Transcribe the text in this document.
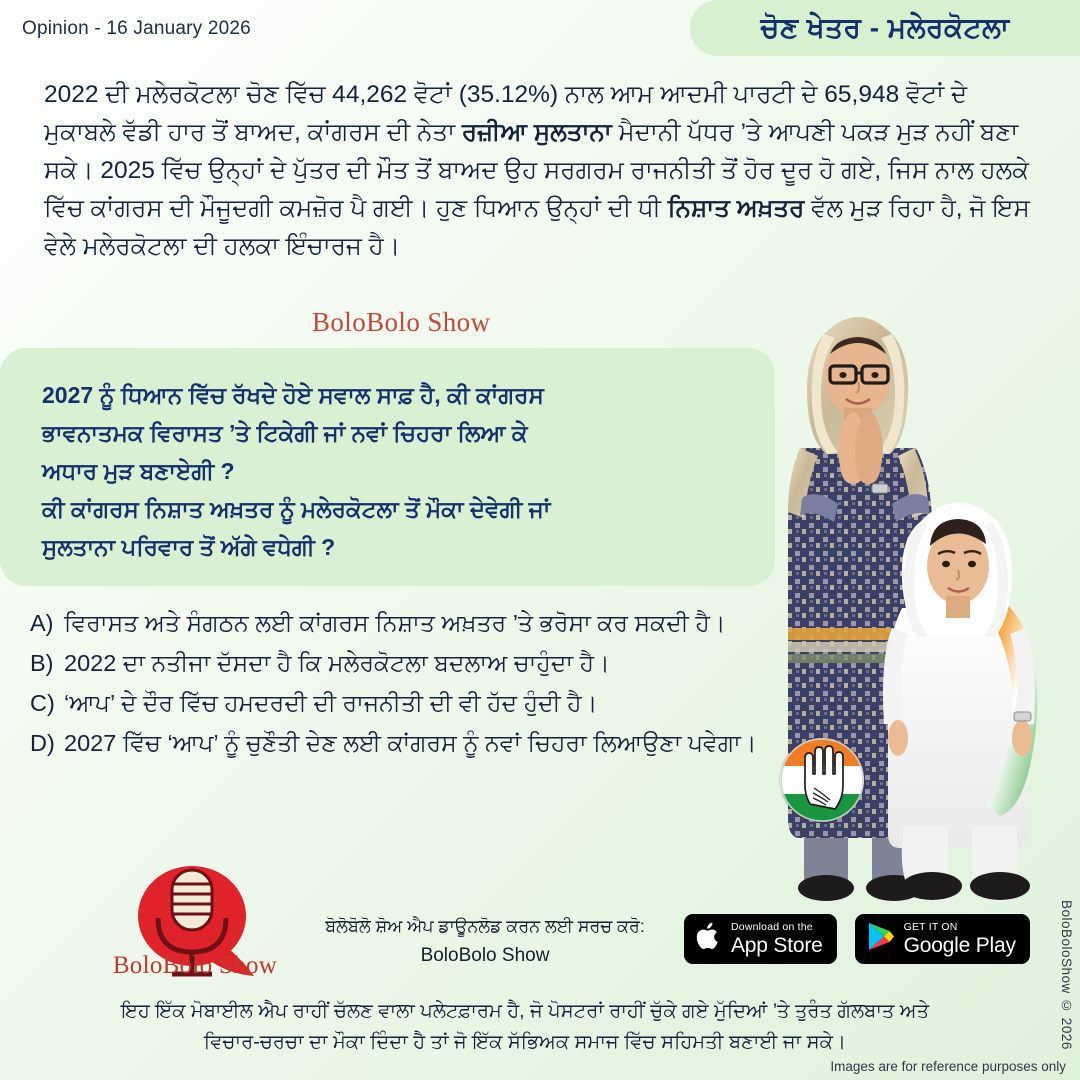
Opinion - 16 January 2026	ਚੋਣ ਖੇਤਰ - ਮਲੇਰਕੋਟਲਾ
2022 ਦੀ ਮਲੇਰਕੋਟਲਾ ਚੋਣ ਵਿੱਚ 44,262 ਵੋਟਾਂ (35.12%) ਨਾਲ ਆਮ ਆਦਮੀ ਪਾਰਟੀ ਦੇ 65,948 ਵੋਟਾਂ ਦੇ ਮੁਕਾਬਲੇ ਵੱਡੀ ਹਾਰ ਤੋਂ ਬਾਅਦ, ਕਾਂਗਰਸ ਦੀ ਨੇਤਾ ਰਜ਼ੀਆ ਸੁਲਤਾਨਾ ਮੈਦਾਨੀ ਪੱਧਰ ’ਤੇ ਆਪਣੀ ਪਕੜ ਮੁੜ ਨਹੀਂ ਬਣਾ ਸਕੇ। 2025 ਵਿੱਚ ਉਨ੍ਹਾਂ ਦੇ ਪੁੱਤਰ ਦੀ ਮੌਤ ਤੋਂ ਬਾਅਦ ਉਹ ਸਰਗਰਮ ਰਾਜਨੀਤੀ ਤੋਂ ਹੋਰ ਦੂਰ ਹੋ ਗਏ, ਜਿਸ ਨਾਲ ਹਲਕੇ ਵਿੱਚ ਕਾਂਗਰਸ ਦੀ ਮੌਜੂਦਗੀ ਕਮਜ਼ੋਰ ਪੈ ਗਈ। ਹੁਣ ਧਿਆਨ ਉਨ੍ਹਾਂ ਦੀ ਧੀ ਨਿਸ਼ਾਤ ਅਖ਼ਤਰ ਵੱਲ ਮੁੜ ਰਿਹਾ ਹੈ, ਜੋ ਇਸ ਵੇਲੇ ਮਲੇਰਕੋਟਲਾ ਦੀ ਹਲਕਾ ਇੰਚਾਰਜ ਹੈ।
BoloBolo Show

2027 ਨੂੰ ਧਿਆਨ ਵਿੱਚ ਰੱਖਦੇ ਹੋਏ ਸਵਾਲ ਸਾਫ਼ ਹੈ, ਕੀ ਕਾਂਗਰਸ

ਭਾਵਨਾਤਮਕ ਵਿਰਾਸਤ ’ਤੇ ਟਿਕੇਗੀ ਜਾਂ ਨਵਾਂ ਚਿਹਰਾ ਲਿਆ ਕੇ

ਅਧਾਰ ਮੁੜ ਬਣਾਏਗੀ ?

ਕੀ ਕਾਂਗਰਸ ਨਿਸ਼ਾਤ ਅਖ਼ਤਰ ਨੂੰ ਮਲੇਰਕੋਟਲਾ ਤੋਂ ਮੌਕਾ ਦੇਵੇਗੀ ਜਾਂ

ਸੁਲਤਾਨਾ ਪਰਿਵਾਰ ਤੋਂ ਅੱਗੇ ਵਧੇਗੀ ?

A) ਵਿਰਾਸਤ ਅਤੇ ਸੰਗਠਨ ਲਈ ਕਾਂਗਰਸ ਨਿਸ਼ਾਤ ਅਖ਼ਤਰ ’ਤੇ ਭਰੋਸਾ ਕਰ ਸਕਦੀ ਹੈ।
B) 2022 ਦਾ ਨਤੀਜਾ ਦੱਸਦਾ ਹੈ ਕਿ ਮਲੇਰਕੋਟਲਾ ਬਦਲਾਅ ਚਾਹੁੰਦਾ ਹੈ।
C) ‘ਆਪ’ ਦੇ ਦੌਰ ਵਿੱਚ ਹਮਦਰਦੀ ਦੀ ਰਾਜਨੀਤੀ ਦੀ ਵੀ ਹੱਦ ਹੁੰਦੀ ਹੈ।
D) 2027 ਵਿੱਚ ‘ਆਪ’ ਨੂੰ ਚੁਣੌਤੀ ਦੇਣ ਲਈ ਕਾਂਗਰਸ ਨੂੰ ਨਵਾਂ ਚਿਹਰਾ ਲਿਆਉਣਾ ਪਵੇਗਾ।
BoloBolo Show
ਬੋਲੋਬੋਲੋ ਸ਼ੋਅ ਐਪ ਡਾਊਨਲੋਡ ਕਰਨ ਲਈ ਸਰਚ ਕਰੋ:
BoloBolo Show
Download on the
App Store
GET IT ON
Google Play
ਇਹ ਇੱਕ ਮੋਬਾਈਲ ਐਪ ਰਾਹੀਂ ਚੱਲਣ ਵਾਲਾ ਪਲੇਟਫ਼ਾਰਮ ਹੈ, ਜੋ ਪੋਸਟਰਾਂ ਰਾਹੀਂ ਚੁੱਕੇ ਗਏ ਮੁੱਦਿਆਂ ’ਤੇ ਤੁਰੰਤ ਗੱਲਬਾਤ ਅਤੇ
ਵਿਚਾਰ-ਚਰਚਾ ਦਾ ਮੌਕਾ ਦਿੰਦਾ ਹੈ ਤਾਂ ਜੋ ਇੱਕ ਸੱਭਿਅਕ ਸਮਾਜ ਵਿੱਚ ਸਹਿਮਤੀ ਬਣਾਈ ਜਾ ਸਕੇ।	BoloBoloShow © 2026
Images are for reference purposes only
